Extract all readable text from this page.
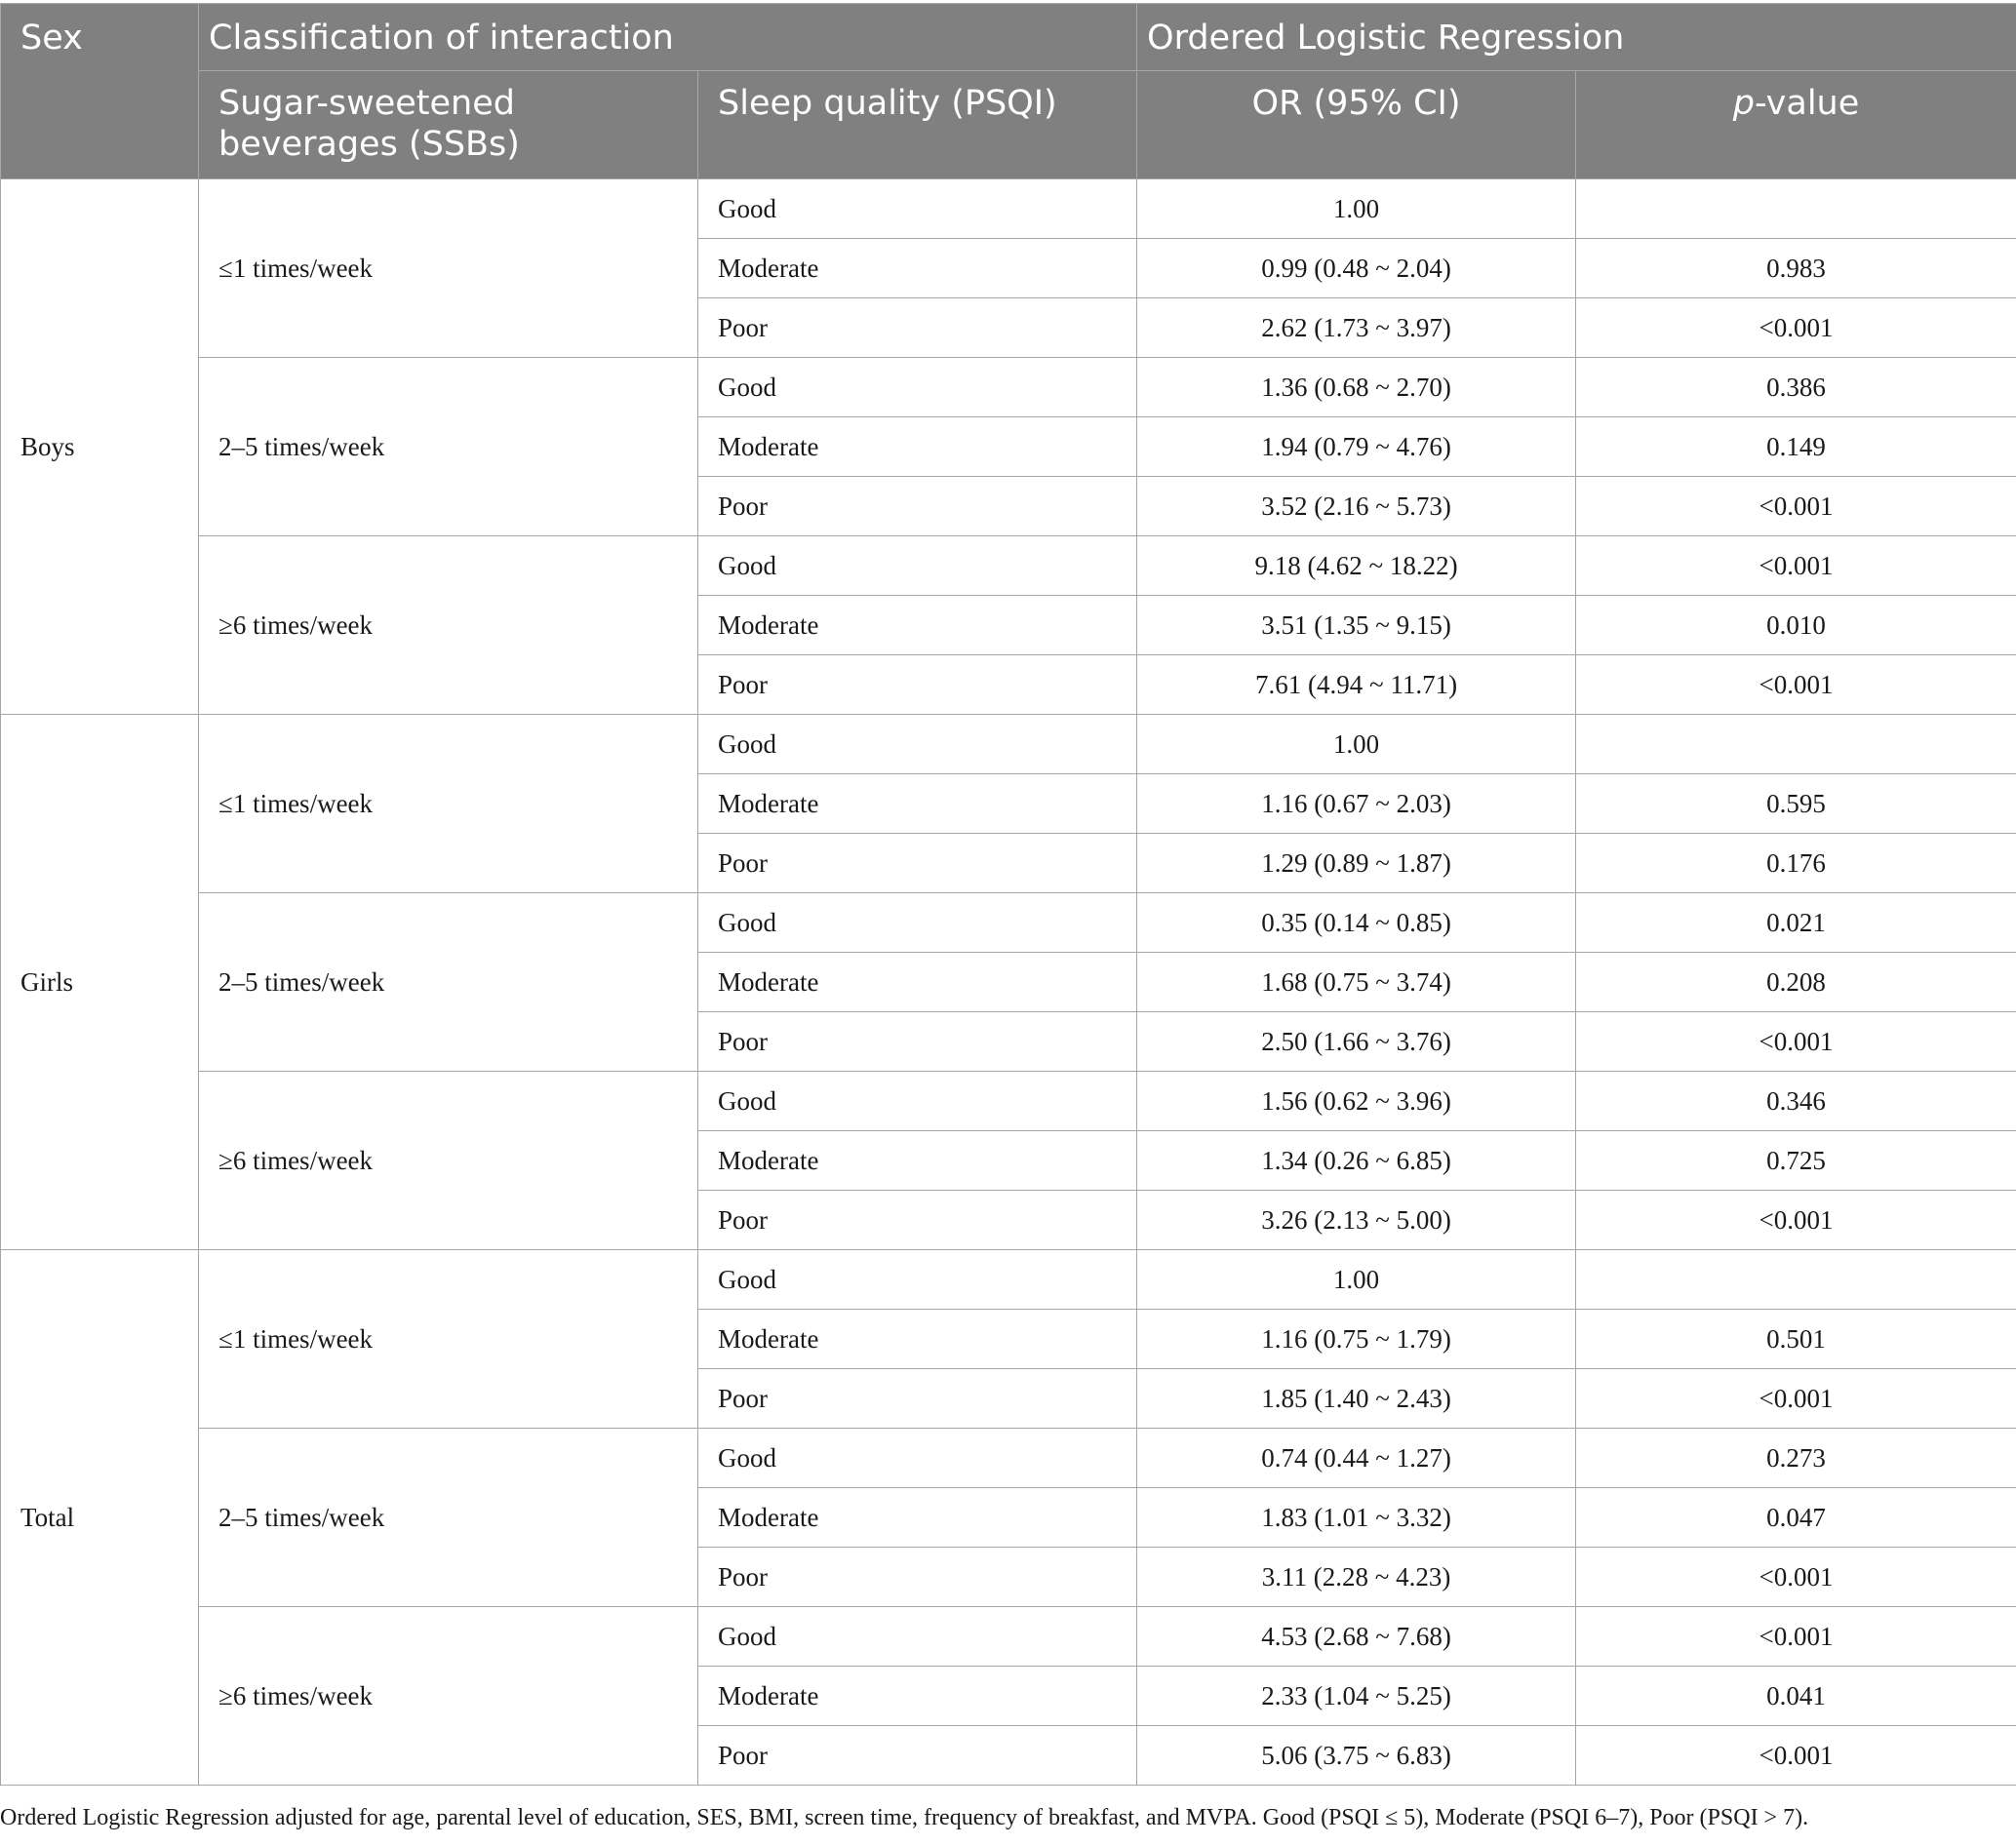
Sex	Classification of interaction		Ordered Logistic Regression	
	Sugar-sweetened
beverages (SSBs)	Sleep quality (PSQI)	OR (95% CI)	p-value
Boys	≤1 times/week	Good	1.00	
		Moderate	0.99 (0.48 ~ 2.04)	0.983
		Poor	2.62 (1.73 ~ 3.97)	<0.001
	2–5 times/week	Good	1.36 (0.68 ~ 2.70)	0.386
		Moderate	1.94 (0.79 ~ 4.76)	0.149
		Poor	3.52 (2.16 ~ 5.73)	<0.001
	≥6 times/week	Good	9.18 (4.62 ~ 18.22)	<0.001
		Moderate	3.51 (1.35 ~ 9.15)	0.010
		Poor	7.61 (4.94 ~ 11.71)	<0.001
Girls	≤1 times/week	Good	1.00	
		Moderate	1.16 (0.67 ~ 2.03)	0.595
		Poor	1.29 (0.89 ~ 1.87)	0.176
	2–5 times/week	Good	0.35 (0.14 ~ 0.85)	0.021
		Moderate	1.68 (0.75 ~ 3.74)	0.208
		Poor	2.50 (1.66 ~ 3.76)	<0.001
	≥6 times/week	Good	1.56 (0.62 ~ 3.96)	0.346
		Moderate	1.34 (0.26 ~ 6.85)	0.725
		Poor	3.26 (2.13 ~ 5.00)	<0.001
Total	≤1 times/week	Good	1.00	
		Moderate	1.16 (0.75 ~ 1.79)	0.501
		Poor	1.85 (1.40 ~ 2.43)	<0.001
	2–5 times/week	Good	0.74 (0.44 ~ 1.27)	0.273
		Moderate	1.83 (1.01 ~ 3.32)	0.047
		Poor	3.11 (2.28 ~ 4.23)	<0.001
	≥6 times/week	Good	4.53 (2.68 ~ 7.68)	<0.001
		Moderate	2.33 (1.04 ~ 5.25)	0.041
		Poor	5.06 (3.75 ~ 6.83)	<0.001
Ordered Logistic Regression adjusted for age, parental level of education, SES, BMI, screen time, frequency of breakfast, and MVPA. Good (PSQI ≤ 5), Moderate (PSQI 6–7), Poor (PSQI > 7).
